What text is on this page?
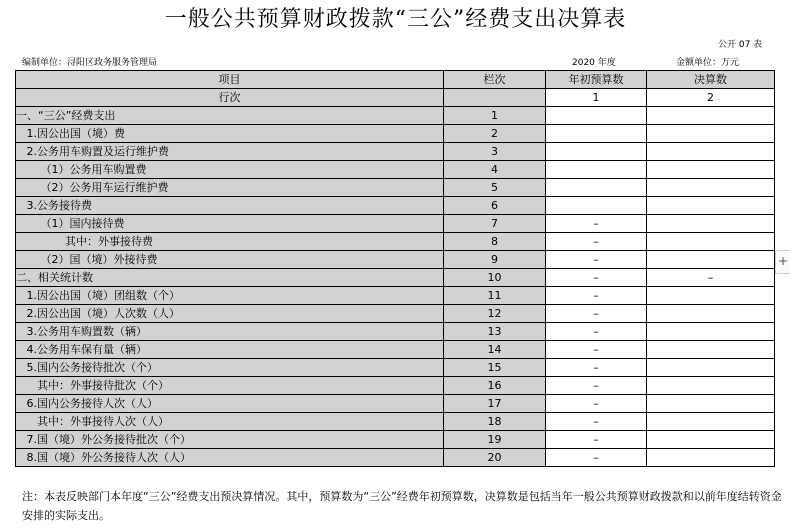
一般公共预算财政拨款“三公”经费支出决算表
公开 07 表
编制单位：浔阳区政务服务管理局	2020 年度	金额单位：万元
项目	栏次	年初预算数	决算数
行次		1	2
一、“三公”经费支出	1		
1.因公出国（境）费	2		
2.公务用车购置及运行维护费	3		
（1）公务用车购置费	4		
（2）公务用车运行维护费	5		
3.公务接待费	6		
（1）国内接待费	7	–	
其中：外事接待费	8	–	
（2）国（境）外接待费	9	–	
二、相关统计数	10	–	–
1.因公出国（境）团组数（个）	11	–	
2.因公出国（境）人次数（人）	12	–	
3.公务用车购置数（辆）	13	–	
4.公务用车保有量（辆）	14	–	
5.国内公务接待批次（个）	15	–	
其中：外事接待批次（个）	16	–	
6.国内公务接待人次（人）	17	–	
其中：外事接待人次（人）	18	–	
7.国（境）外公务接待批次（个）	19	–	
8.国（境）外公务接待人次（人）	20	–	
注：本表反映部门本年度“三公”经费支出预决算情况。其中，预算数为“三公”经费年初预算数，决算数是包括当年一般公共预算财政拨款和以前年度结转资金安排的实际支出。
+
